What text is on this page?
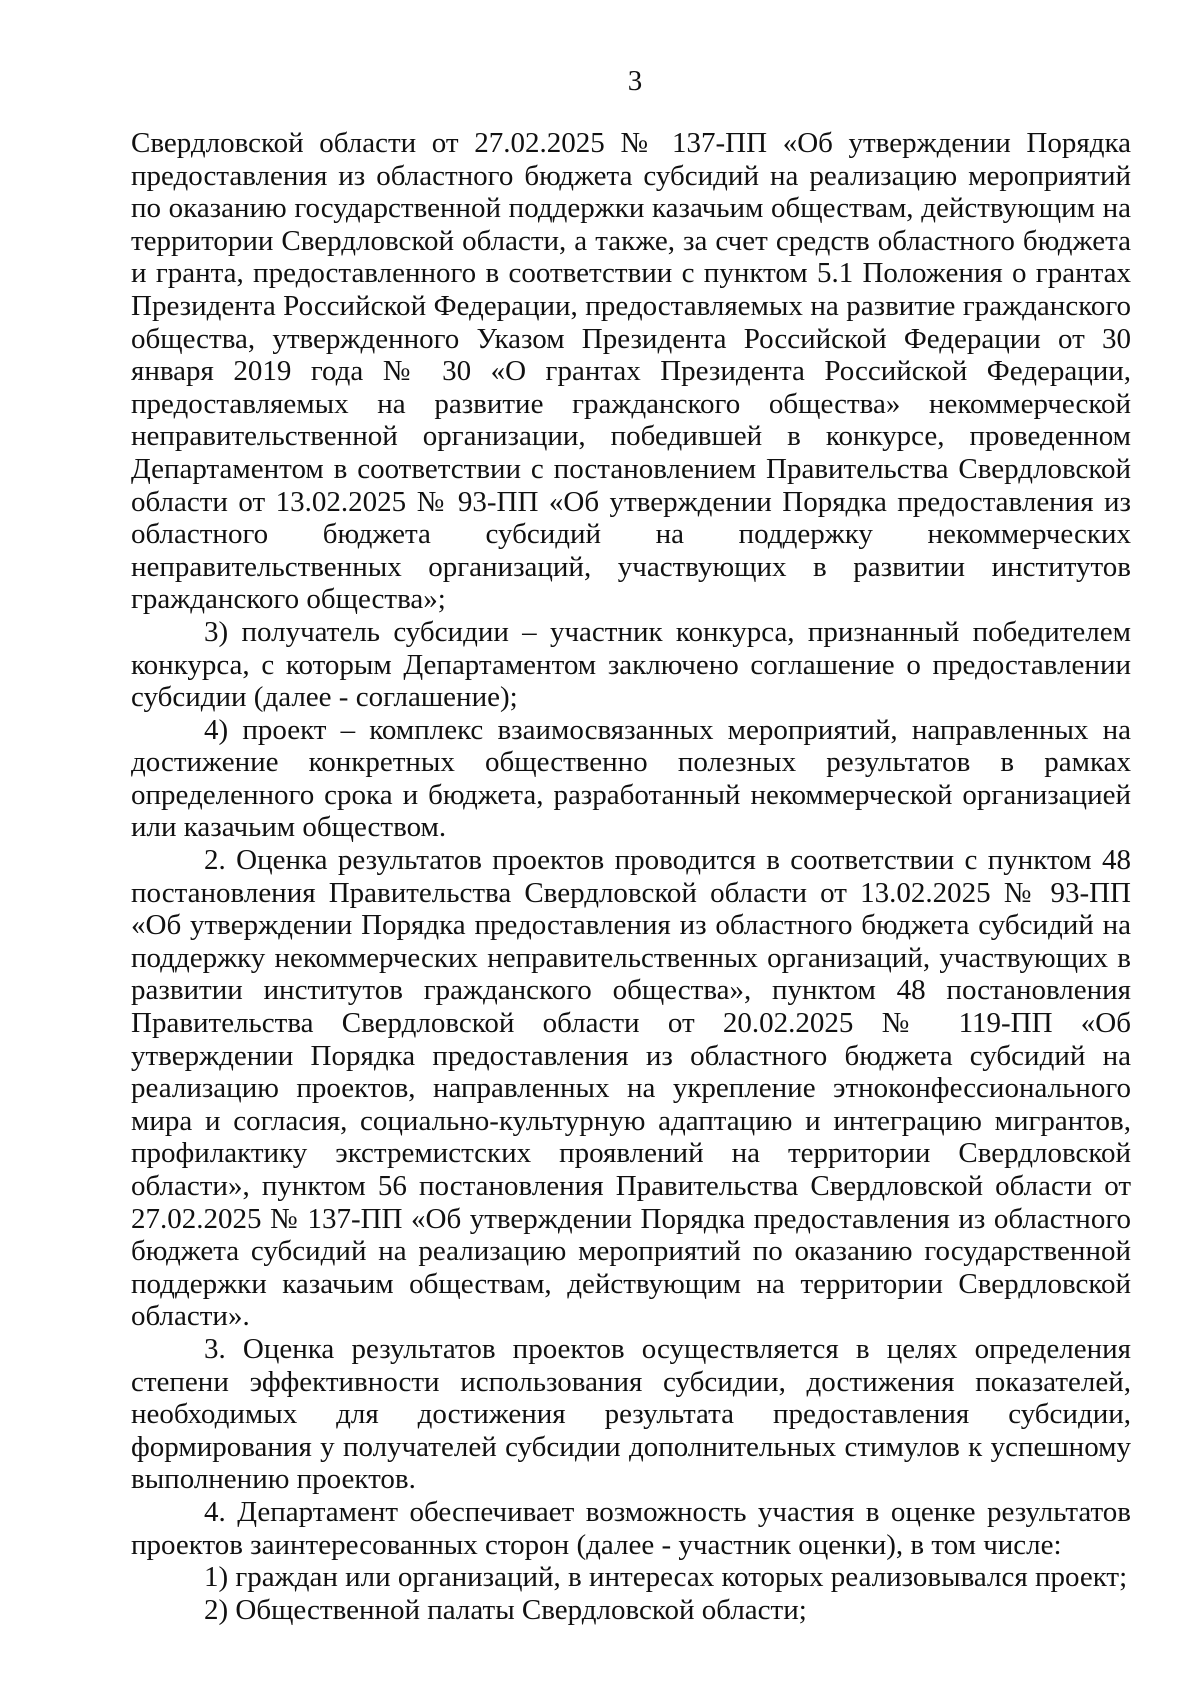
3

Свердловской области от 27.02.2025 № 137-ПП «Об утверждении Порядка предоставления из областного бюджета субсидий на реализацию мероприятий по оказанию государственной поддержки казачьим обществам, действующим на территории Свердловской области, а также, за счет средств областного бюджета и гранта, предоставленного в соответствии с пунктом 5.1 Положения о грантах Президента Российской Федерации, предоставляемых на развитие гражданского общества, утвержденного Указом Президента Российской Федерации от 30 января 2019 года № 30 «О грантах Президента Российской Федерации, предоставляемых на развитие гражданского общества» некоммерческой неправительственной организации, победившей в конкурсе, проведенном Департаментом в соответствии с постановлением Правительства Свердловской области от 13.02.2025 № 93-ПП «Об утверждении Порядка предоставления из областного бюджета субсидий на поддержку некоммерческих неправительственных организаций, участвующих в развитии институтов гражданского общества»;

3) получатель субсидии – участник конкурса, признанный победителем конкурса, с которым Департаментом заключено соглашение о предоставлении субсидии (далее - соглашение);

4) проект – комплекс взаимосвязанных мероприятий, направленных на достижение конкретных общественно полезных результатов в рамках определенного срока и бюджета, разработанный некоммерческой организацией или казачьим обществом.

2. Оценка результатов проектов проводится в соответствии с пунктом 48 постановления Правительства Свердловской области от 13.02.2025 № 93-ПП «Об утверждении Порядка предоставления из областного бюджета субсидий на поддержку некоммерческих неправительственных организаций, участвующих в развитии институтов гражданского общества», пунктом 48 постановления Правительства Свердловской области от 20.02.2025 № 119-ПП «Об утверждении Порядка предоставления из областного бюджета субсидий на реализацию проектов, направленных на укрепление этноконфессионального мира и согласия, социально-культурную адаптацию и интеграцию мигрантов, профилактику экстремистских проявлений на территории Свердловской области», пунктом 56 постановления Правительства Свердловской области от 27.02.2025 № 137-ПП «Об утверждении Порядка предоставления из областного бюджета субсидий на реализацию мероприятий по оказанию государственной поддержки казачьим обществам, действующим на территории Свердловской области».

3. Оценка результатов проектов осуществляется в целях определения степени эффективности использования субсидии, достижения показателей, необходимых для достижения результата предоставления субсидии, формирования у получателей субсидии дополнительных стимулов к успешному выполнению проектов.

4. Департамент обеспечивает возможность участия в оценке результатов проектов заинтересованных сторон (далее - участник оценки), в том числе:

1) граждан или организаций, в интересах которых реализовывался проект;

2) Общественной палаты Свердловской области;
